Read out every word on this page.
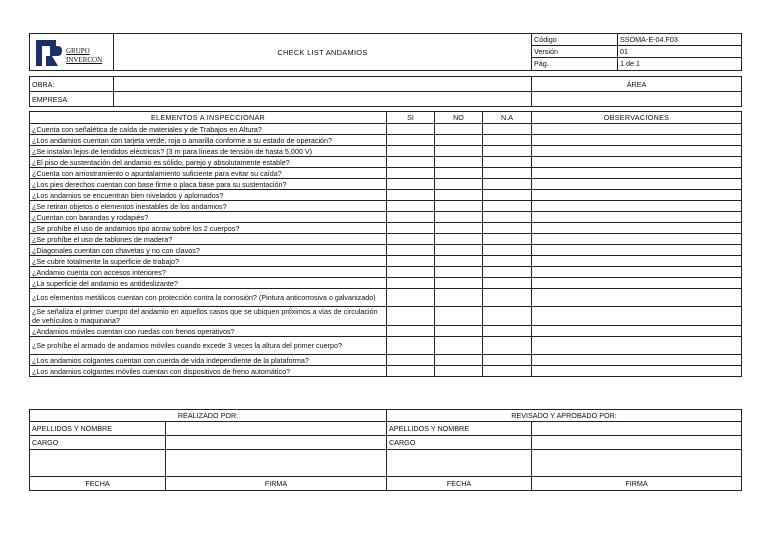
GRUPO
INVERCON	CHECK LIST ANDAMIOS	Código	SSOMA-E-04.F03
		Versión	01
		Pág.	1 de 1
OBRA:		ÁREA
EMPRESA:		
ELEMENTOS A INSPECCIONAR	SI	NO	N.A	OBSERVACIONES
¿Cuenta con señalética de caída de materiales y de Trabajos en Altura?				
¿Los andamios cuentan con tarjeta verde, roja o amarilla conforme a su estado de operación?				
¿Se instalan lejos de tendidos eléctricos? (3 m para líneas de tensión de hasta 5,000 V)				
¿El piso de sustentación del andamio es sólido, parejo y absolutamente estable?				
¿Cuenta con arriostramiento o apuntalamiento suficiente para evitar su caída?				
¿Los pies derechos cuentan con base firme o placa base para su sustentación?				
¿Los andamios se encuentran bien nivelados y aplomados?				
¿Se retiran objetos o elementos inestables de los andamios?				
¿Cuentan con barandas y rodapiés?				
¿Se prohíbe el uso de andamios tipo acrow sobre los 2 cuerpos?				
¿Se prohíbe el uso de tablones de madera?				
¿Diagonales cuentan con chavetas y no con clavos?				
¿Se cubre totalmente la superficie de trabajo?				
¿Andamio cuenta con accesos interiores?				
¿La superficie del andamio es antideslizante?				
¿Los elementos metálicos cuentan con protección contra la corrosión? (Pintura anticorrosiva o galvanizado)				
¿Se señaliza el primer cuerpo del andamio en aquellos casos que se ubiquen próximos a vías de circulación de vehículos o maquinaria?				
¿Andamios móviles cuentan con ruedas con frenos operativos?				
¿Se prohíbe el armado de andamios móviles cuando excede 3 veces la altura del primer cuerpo?				
¿Los andamios colgantes cuentan con cuerda de vida independiente de la plataforma?				
¿Los andamios colgantes móviles cuentan con dispositivos de freno automático?				
REALIZADO POR:		REVISADO Y APROBADO POR:	
APELLIDOS Y NOMBRE		APELLIDOS Y NOMBRE	
CARGO		CARGO	

FECHA	FIRMA	FECHA	FIRMA
